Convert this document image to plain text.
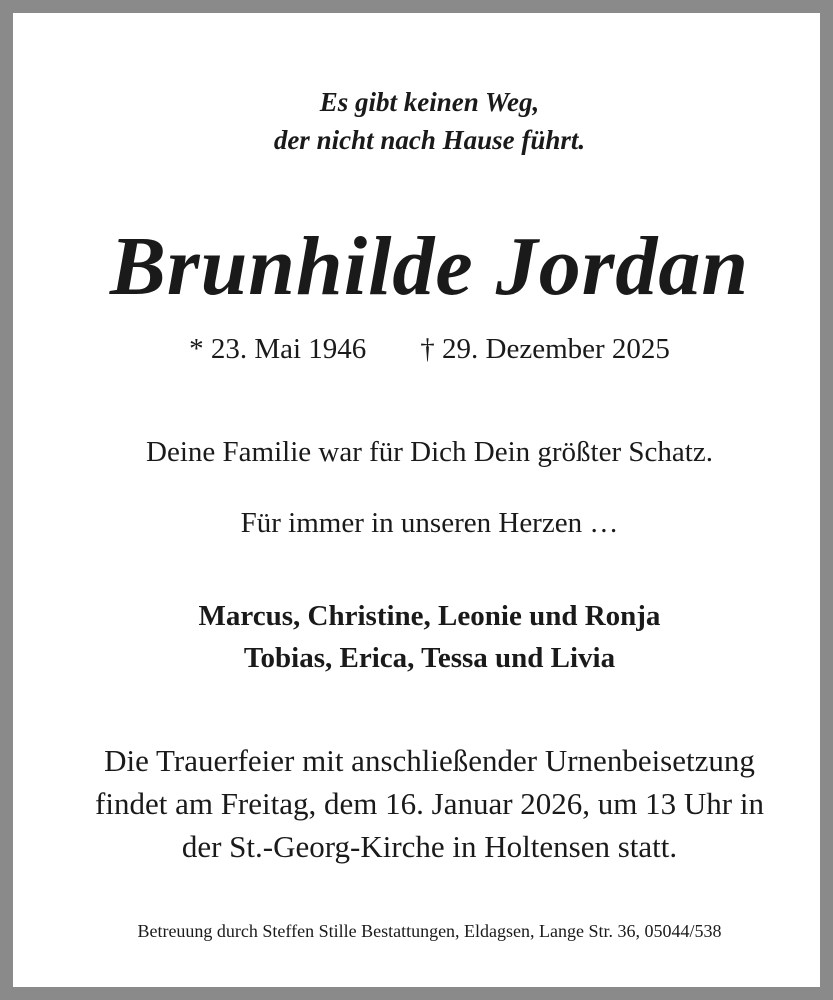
Es gibt keinen Weg,
der nicht nach Hause führt.
Brunhilde Jordan
* 23. Mai 1946 † 29. Dezember 2025
Deine Familie war für Dich Dein größter Schatz.
Für immer in unseren Herzen …
Marcus, Christine, Leonie und Ronja
Tobias, Erica, Tessa und Livia
Die Trauerfeier mit anschließender Urnenbeisetzung
findet am Freitag, dem 16. Januar 2026, um 13 Uhr in
der St.-Georg-Kirche in Holtensen statt.
Betreuung durch Steffen Stille Bestattungen, Eldagsen, Lange Str. 36, 05044/538
